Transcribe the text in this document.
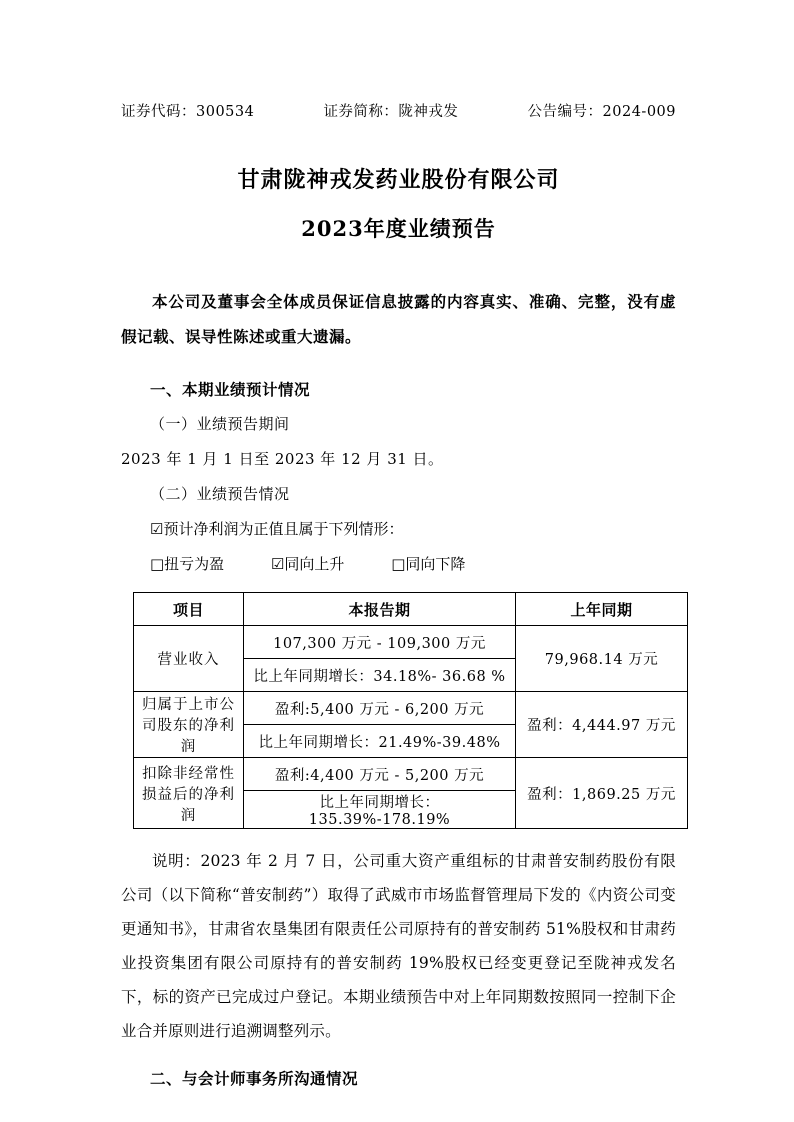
证券代码：300534	证券简称：陇神戎发	公告编号：2024-009
甘肃陇神戎发药业股份有限公司
2023年度业绩预告
本公司及董事会全体成员保证信息披露的内容真实、准确、完整，没有虚假记载、误导性陈述或重大遗漏。
一、本期业绩预计情况
（一）业绩预告期间
2023 年 1 月 1 日至 2023 年 12 月 31 日。
（二）业绩预告情况
☑预计净利润为正值且属于下列情形：
□扭亏为盈	☑同向上升	□同向下降
项目	本报告期	上年同期
营业收入	107,300 万元 - 109,300 万元	79,968.14 万元
	比上年同期增长：34.18%- 36.68 %	
归属于上市公司股东的净利润	盈利:5,400 万元 - 6,200 万元	盈利：4,444.97 万元
	比上年同期增长：21.49%-39.48%	
扣除非经常性损益后的净利润	盈利:4,400 万元 - 5,200 万元	盈利：1,869.25 万元
	比上年同期增长：135.39%-178.19%	
说明：2023 年 2 月 7 日，公司重大资产重组标的甘肃普安制药股份有限公司（以下简称“普安制药”）取得了武威市市场监督管理局下发的《内资公司变更通知书》，甘肃省农垦集团有限责任公司原持有的普安制药 51%股权和甘肃药业投资集团有限公司原持有的普安制药 19%股权已经变更登记至陇神戎发名下，标的资产已完成过户登记。本期业绩预告中对上年同期数按照同一控制下企业合并原则进行追溯调整列示。
二、与会计师事务所沟通情况
